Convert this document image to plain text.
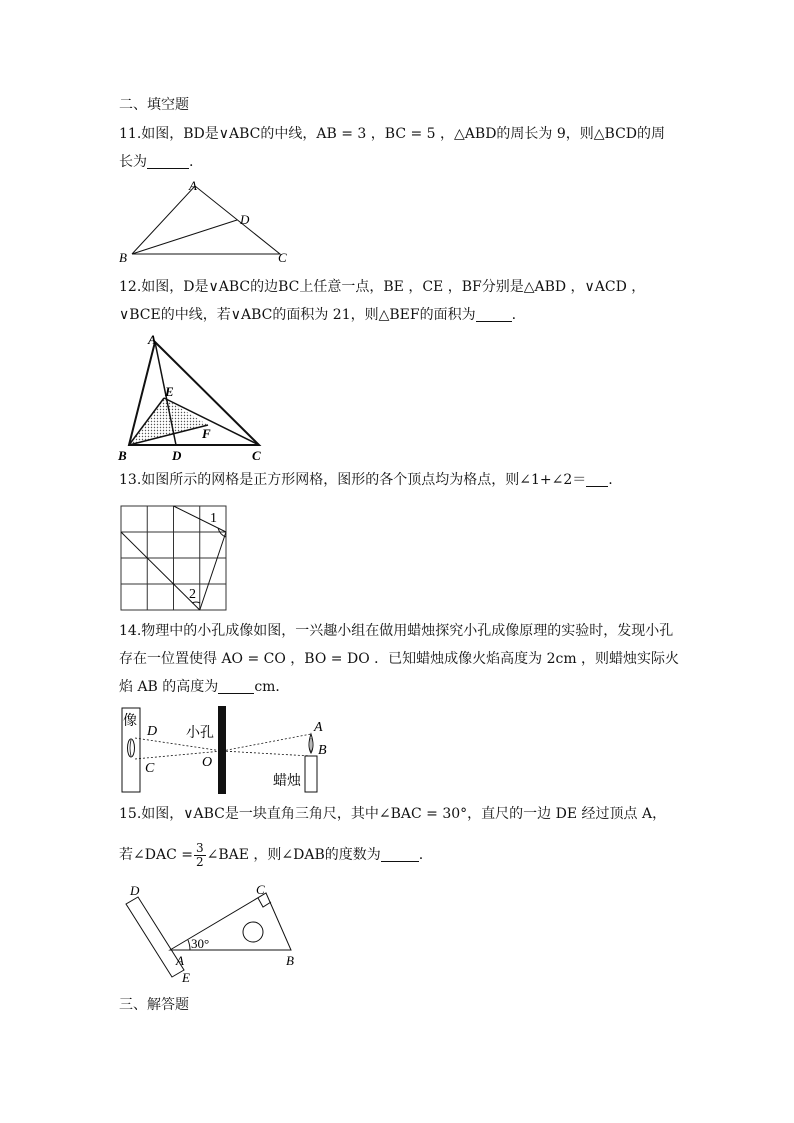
二、填空题
11.如图，BD是∨ABC的中线，AB = 3 ，BC = 5 ，△ABD的周长为 9，则△BCD的周
长为	.
A
B	C
D
12.如图，D是∨ABC的边BC上任意一点，BE ，CE ，BF分别是△ABD ，∨ACD ，
∨BCE的中线，若∨ABC的面积为 21，则△BEF的面积为	.
A
B	C
D
E
F
13.如图所示的网格是正方形网格，图形的各个顶点均为格点，则∠1+∠2＝ .
1
2
14.物理中的小孔成像如图，一兴趣小组在做用蜡烛探究小孔成像原理的实验时，发现小孔
存在一位置使得 AO = CO ，BO = DO ．已知蜡烛成像火焰高度为 2cm ，则蜡烛实际火
焰 AB 的高度为	cm．
像
D
C
小孔
O
A
B
蜡烛
15.如图，∨ABC是一块直角三角尺，其中∠BAC = 30°，直尺的一边 DE 经过顶点 A，
若∠DAC = $\frac{3}{2}$ ∠BAE ，则∠DAB的度数为	.
30°
D	C
A
E
B
三、解答题
